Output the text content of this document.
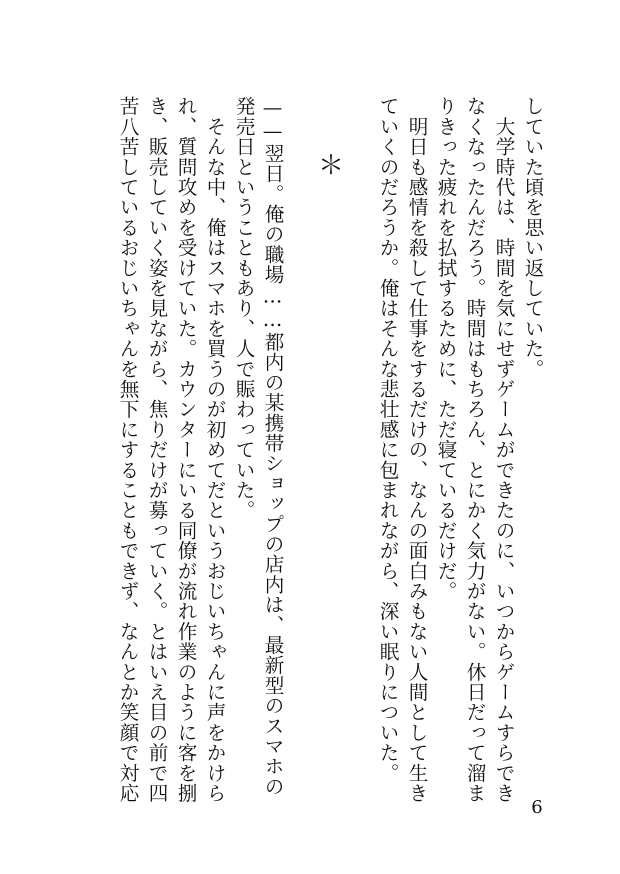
していた頃を思い返していた。
　大学時代は、時間を気にせずゲームができたのに、いつからゲームすらでき
なくなったんだろう。時間はもちろん、とにかく気力がない。休日だって溜ま
りきった疲れを払拭するために、ただ寝ているだけだ。
　明日も感情を殺して仕事をするだけの、なんの面白みもない人間として生き
ていくのだろうか。俺はそんな悲壮感に包まれながら、深い眠りについた。
＊
——翌日。俺の職場……都内の某携帯ショップの店内は、最新型のスマホの
発売日ということもあり、人で賑わっていた。
　そんな中、俺はスマホを買うのが初めてだというおじいちゃんに声をかけら
れ、質問攻めを受けていた。カウンターにいる同僚が流れ作業のように客を捌
き、販売していく姿を見ながら、焦りだけが募っていく。とはいえ目の前で四
苦八苦しているおじいちゃんを無下にすることもできず、なんとか笑顔で対応
6
